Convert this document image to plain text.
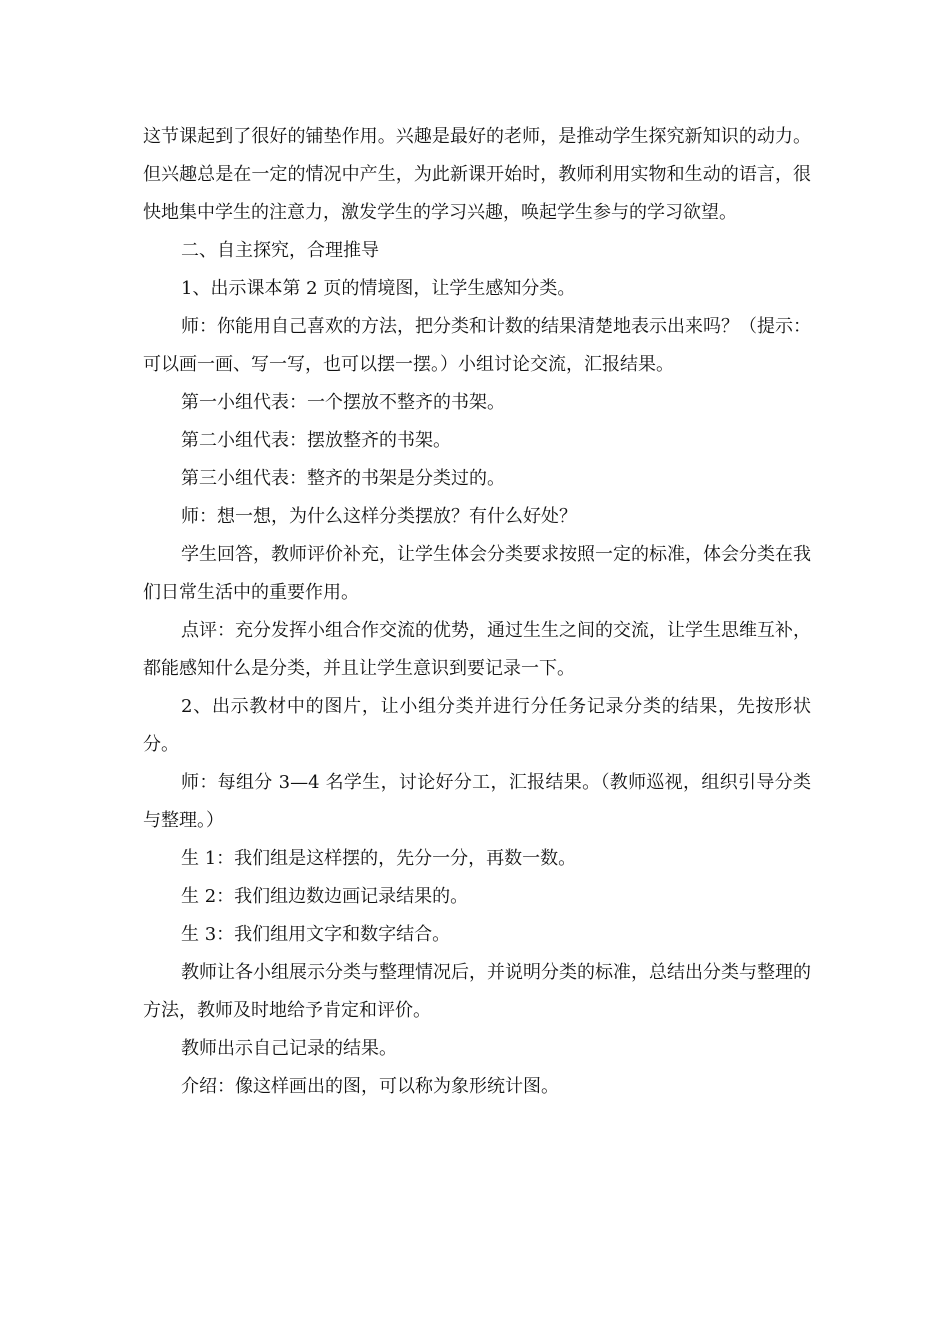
这节课起到了很好的铺垫作用。兴趣是最好的老师，是推动学生探究新知识的动力。但兴趣总是在一定的情况中产生，为此新课开始时，教师利用实物和生动的语言，很快地集中学生的注意力，激发学生的学习兴趣，唤起学生参与的学习欲望。

二、自主探究，合理推导

1、出示课本第 2 页的情境图，让学生感知分类。

师：你能用自己喜欢的方法，把分类和计数的结果清楚地表示出来吗？（提示：可以画一画、写一写，也可以摆一摆。）小组讨论交流，汇报结果。

第一小组代表：一个摆放不整齐的书架。

第二小组代表：摆放整齐的书架。

第三小组代表：整齐的书架是分类过的。

师：想一想，为什么这样分类摆放？有什么好处？

学生回答，教师评价补充，让学生体会分类要求按照一定的标准，体会分类在我们日常生活中的重要作用。

点评：充分发挥小组合作交流的优势，通过生生之间的交流，让学生思维互补，都能感知什么是分类，并且让学生意识到要记录一下。

2、出示教材中的图片，让小组分类并进行分任务记录分类的结果，先按形状分。

师：每组分 3—4 名学生，讨论好分工，汇报结果。（教师巡视，组织引导分类与整理。）

生 1：我们组是这样摆的，先分一分，再数一数。

生 2：我们组边数边画记录结果的。

生 3：我们组用文字和数字结合。

教师让各小组展示分类与整理情况后，并说明分类的标准，总结出分类与整理的方法，教师及时地给予肯定和评价。

教师出示自己记录的结果。

介绍：像这样画出的图，可以称为象形统计图。
